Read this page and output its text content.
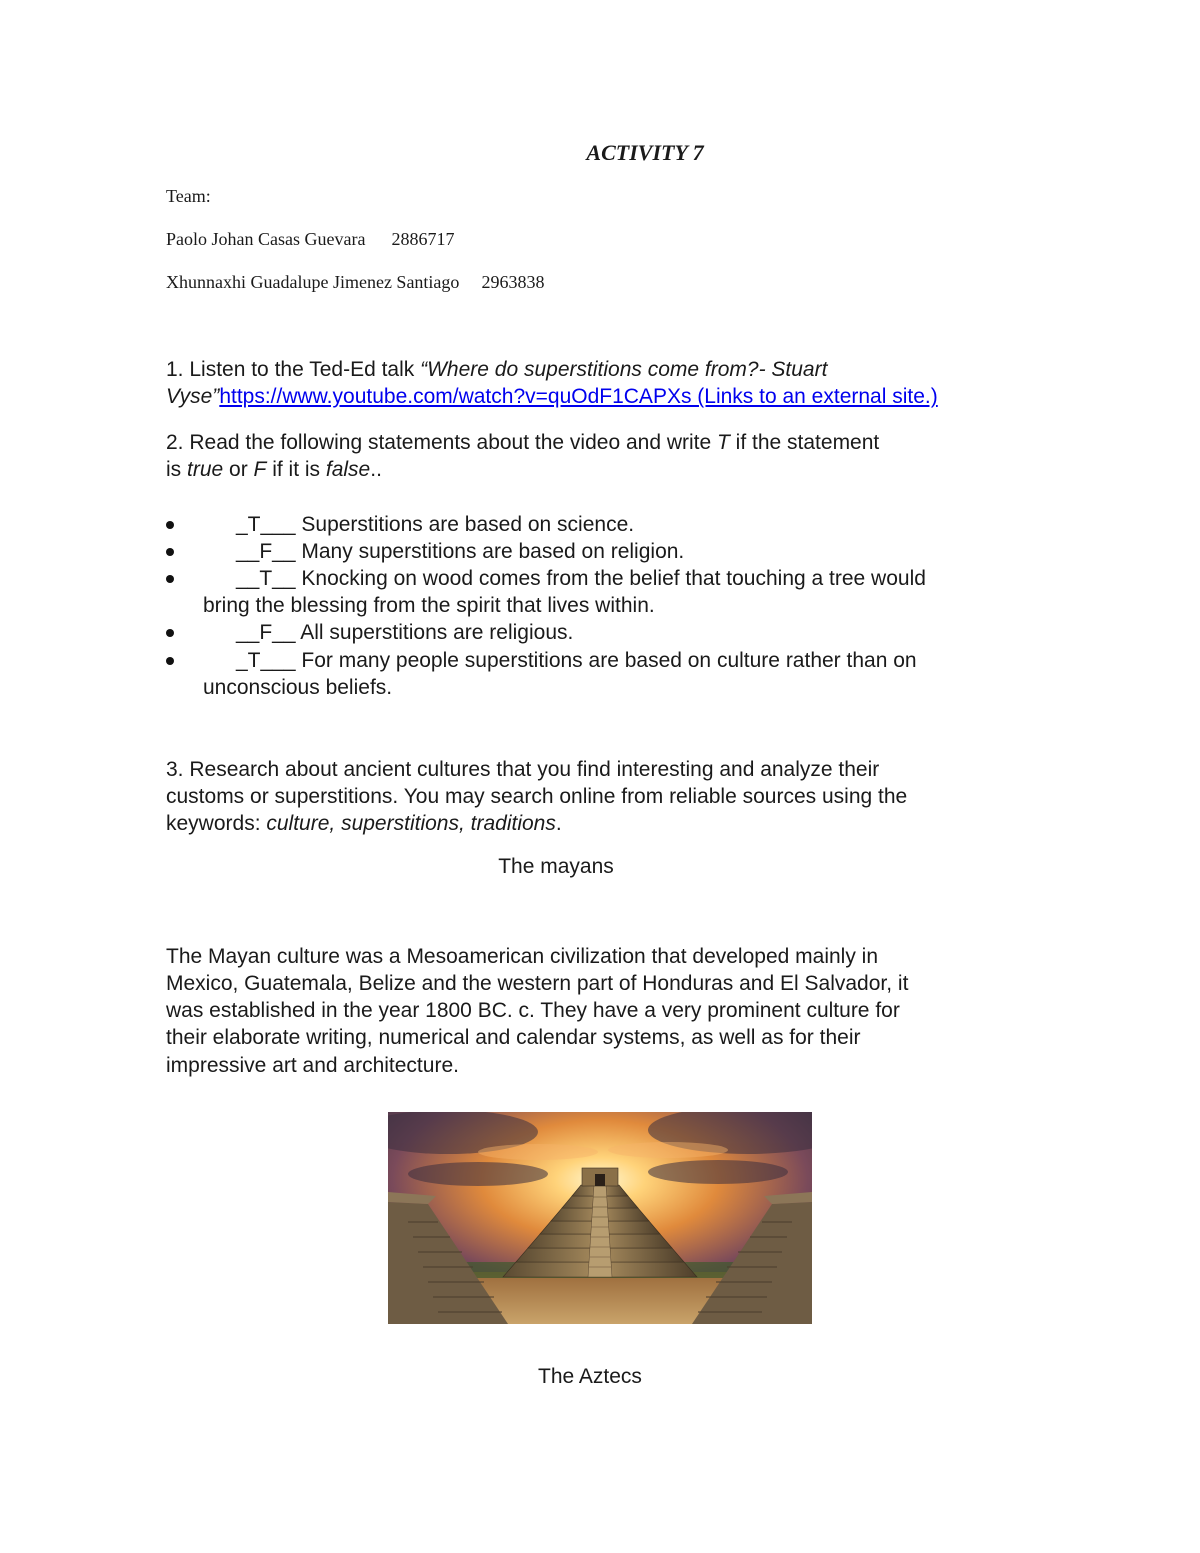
ACTIVITY 7
Team:
Paolo Johan Casas Guevara 2886717
Xhunnaxhi Guadalupe Jimenez Santiago 2963838
1. Listen to the Ted-Ed talk “Where do superstitions come from?- Stuart
Vyse”https://www.youtube.com/watch?v=quOdF1CAPXs (Links to an external site.)
2. Read the following statements about the video and write T if the statement
is true or F if it is false..
_T___ Superstitions are based on science.
__F__ Many superstitions are based on religion.
__T__ Knocking on wood comes from the belief that touching a tree would
bring the blessing from the spirit that lives within.
__F__ All superstitions are religious.
_T___ For many people superstitions are based on culture rather than on
unconscious beliefs.
3. Research about ancient cultures that you find interesting and analyze their
customs or superstitions. You may search online from reliable sources using the
keywords: culture, superstitions, traditions.
The mayans
The Mayan culture was a Mesoamerican civilization that developed mainly in
Mexico, Guatemala, Belize and the western part of Honduras and El Salvador, it
was established in the year 1800 BC. c. They have a very prominent culture for
their elaborate writing, numerical and calendar systems, as well as for their
impressive art and architecture.
The Aztecs
